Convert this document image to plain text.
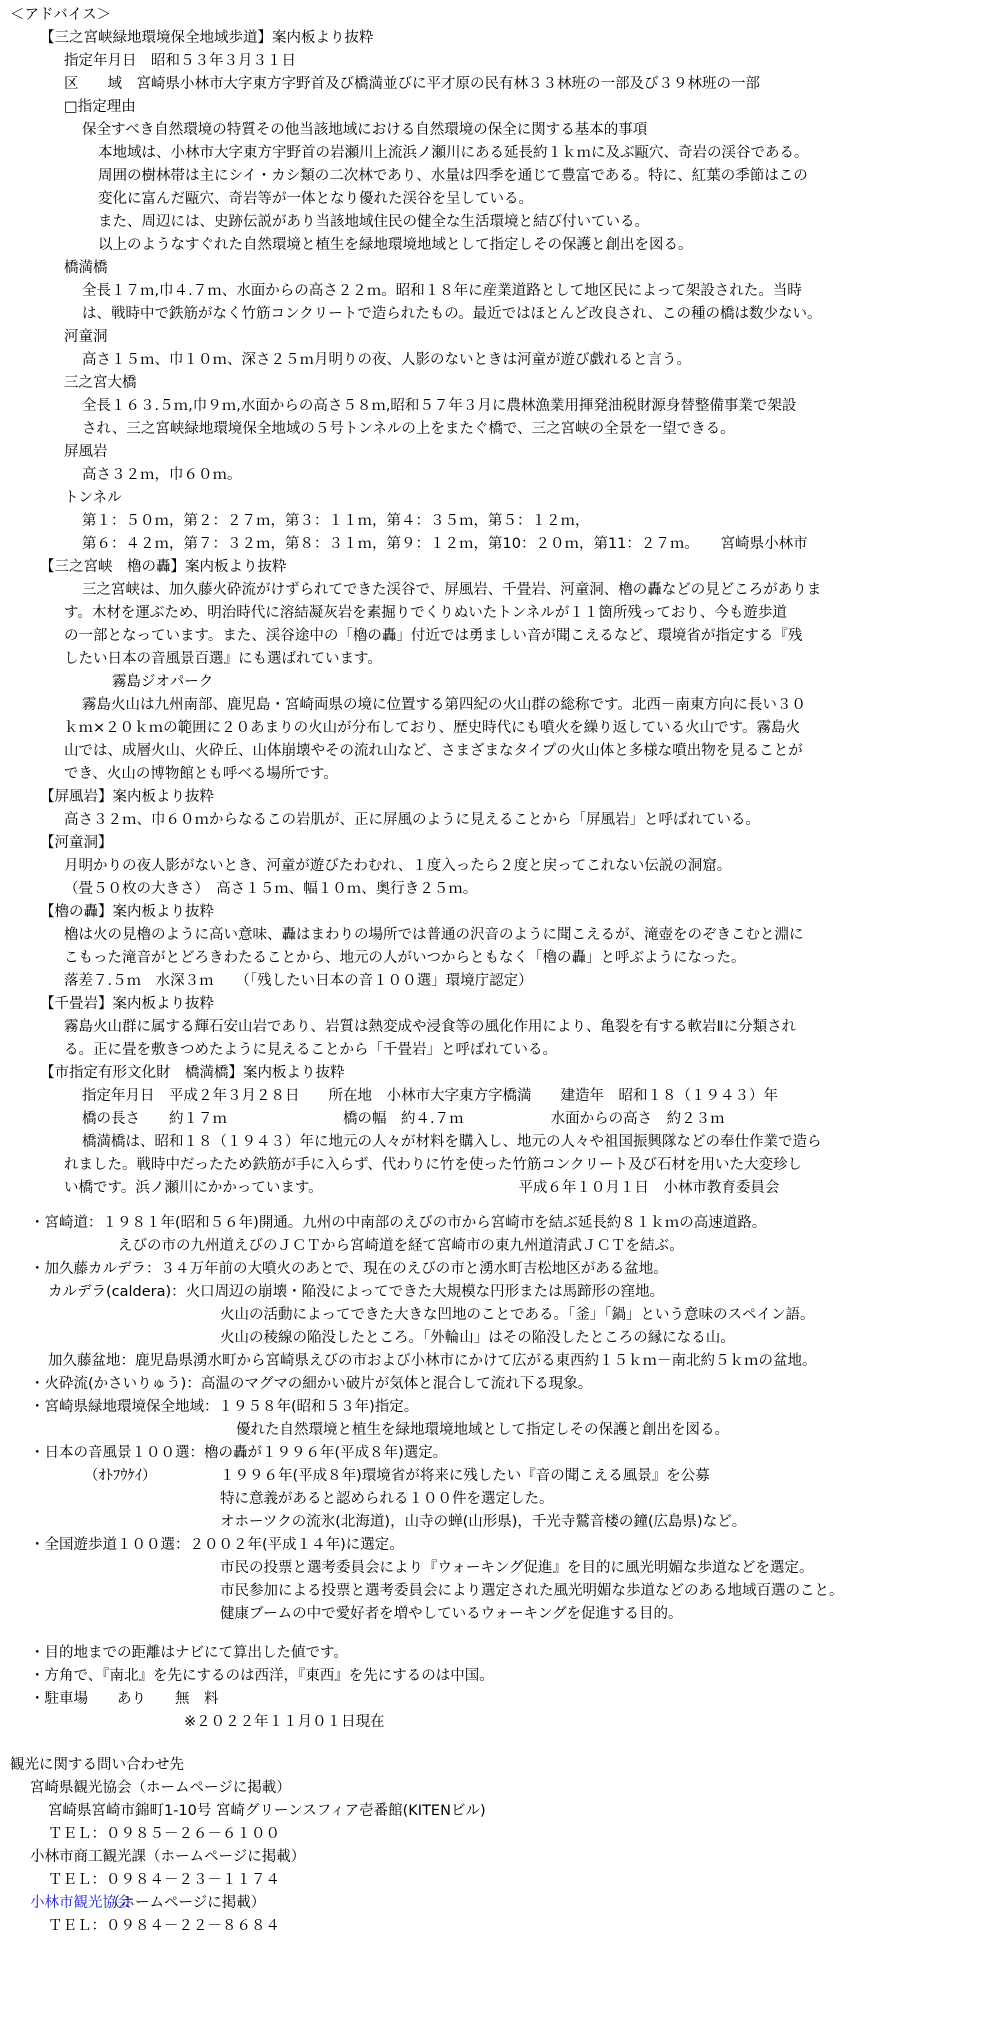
＜アドバイス＞
【三之宮峡緑地環境保全地域歩道】案内板より抜粋
指定年月日　昭和５３年３月３１日
区　　域　宮崎県小林市大字東方字野首及び橋満並びに平才原の民有林３３林班の一部及び３９林班の一部
□指定理由
保全すべき自然環境の特質その他当該地域における自然環境の保全に関する基本的事項
本地域は、小林市大字東方宇野首の岩瀬川上流浜ノ瀬川にある延長約１ｋｍに及ぶ甌穴、奇岩の渓谷である。
周囲の樹林帯は主にシイ・カシ類の二次林であり、水量は四季を通じて豊富である。特に、紅葉の季節はこの
変化に富んだ甌穴、奇岩等が一体となり優れた渓谷を呈している。
また、周辺には、史跡伝説があり当該地域住民の健全な生活環境と結び付いている。
以上のようなすぐれた自然環境と植生を緑地環境地域として指定しその保護と創出を図る。
橋満橋
全長１７ｍ,巾４.７ｍ、水面からの高さ２２ｍ。昭和１８年に産業道路として地区民によって架設された。当時
は、戦時中で鉄筋がなく竹筋コンクリートで造られたもの。最近ではほとんど改良され、この種の橋は数少ない。
河童洞
高さ１５ｍ、巾１０ｍ、深さ２５ｍ月明りの夜、人影のないときは河童が遊び戯れると言う。
三之宮大橋
全長１６３.５ｍ,巾９ｍ,水面からの高さ５８ｍ,昭和５７年３月に農林漁業用揮発油税財源身替整備事業で架設
され、三之宮峡緑地環境保全地域の５号トンネルの上をまたぐ橋で、三之宮峡の全景を一望できる。
屏風岩
高さ３２ｍ，巾６０ｍ。
トンネル
第１：５０ｍ，第２：２７ｍ，第３：１１ｍ，第４：３５ｍ，第５：１２ｍ，
第６：４２ｍ，第７：３２ｍ，第８：３１ｍ，第９：１２ｍ，第10：２０ｍ，第11：２７ｍ。　　宮崎県小林市
【三之宮峡　櫓の轟】案内板より抜粋
三之宮峡は、加久藤火砕流がけずられてできた渓谷で、屏風岩、千畳岩、河童洞、櫓の轟などの見どころがありま
す。木材を運ぶため、明治時代に溶結凝灰岩を素掘りでくりぬいたトンネルが１１箇所残っており、今も遊歩道
の一部となっています。また、渓谷途中の「櫓の轟」付近では勇ましい音が聞こえるなど、環境省が指定する『残
したい日本の音風景百選』にも選ばれています。
霧島ジオパーク
霧島火山は九州南部、鹿児島・宮崎両県の境に位置する第四紀の火山群の総称です。北西－南東方向に長い３０
ｋｍ×２０ｋｍの範囲に２０あまりの火山が分布しており、歴史時代にも噴火を繰り返している火山です。霧島火
山では、成層火山、火砕丘、山体崩壊やその流れ山など、さまざまなタイプの火山体と多様な噴出物を見ることが
でき、火山の博物館とも呼べる場所です。
【屏風岩】案内板より抜粋
高さ３２ｍ、巾６０ｍからなるこの岩肌が、正に屏風のように見えることから「屏風岩」と呼ばれている。
【河童洞】
月明かりの夜人影がないとき、河童が遊びたわむれ、１度入ったら２度と戻ってこれない伝説の洞窟。
（畳５０枚の大きさ）　高さ１５ｍ、幅１０ｍ、奥行き２５ｍ。
【櫓の轟】案内板より抜粋
櫓は火の見櫓のように高い意味、轟はまわりの場所では普通の沢音のように聞こえるが、滝壺をのぞきこむと淵に
こもった滝音がとどろきわたることから、地元の人がいつからともなく「櫓の轟」と呼ぶようになった。
落差７.５ｍ　水深３ｍ　　（「残したい日本の音１００選」環境庁認定）
【千畳岩】案内板より抜粋
霧島火山群に属する輝石安山岩であり、岩質は熱変成や浸食等の風化作用により、亀裂を有する軟岩Ⅱに分類され
る。正に畳を敷きつめたように見えることから「千畳岩」と呼ばれている。
【市指定有形文化財　橋満橋】案内板より抜粋
指定年月日　平成２年３月２８日　　所在地　小林市大字東方字橋満　　建造年　昭和１８（１９４３）年
橋の長さ　　約１７ｍ　　　　　　　　橋の幅　約４.７ｍ　　　　　　水面からの高さ　約２３ｍ
橋満橋は、昭和１８（１９４３）年に地元の人々が材料を購入し、地元の人々や祖国振興隊などの奉仕作業で造ら
れました。戦時中だったため鉄筋が手に入らず、代わりに竹を使った竹筋コンクリート及び石材を用いた大変珍し
い橋です。浜ノ瀬川にかかっています。　　　　　　　　　　　　　　平成６年１０月１日　小林市教育委員会
・宮崎道：１９８１年(昭和５６年)開通。九州の中南部のえびの市から宮崎市を結ぶ延長約８１ｋｍの高速道路。
えびの市の九州道えびのＪＣＴから宮崎道を経て宮崎市の東九州道清武ＪＣＴを結ぶ。
・加久藤カルデラ：３４万年前の大噴火のあとで、現在のえびの市と湧水町吉松地区がある盆地。
カルデラ(caldera)：火口周辺の崩壊・陥没によってできた大規模な円形または馬蹄形の窪地。
火山の活動によってできた大きな凹地のことである。「釜」「鍋」という意味のスペイン語。
火山の稜線の陥没したところ。「外輪山」はその陥没したところの縁になる山。
加久藤盆地：鹿児島県湧水町から宮崎県えびの市および小林市にかけて広がる東西約１５ｋｍ－南北約５ｋｍの盆地。
・火砕流(かさいりゅう)：高温のマグマの細かい破片が気体と混合して流れ下る現象。
・宮崎県緑地環境保全地域：１９５８年(昭和５３年)指定。
優れた自然環境と植生を緑地環境地域として指定しその保護と創出を図る。
・日本の音風景１００選：櫓の轟が１９９６年(平成８年)選定。
（ｵﾄﾌｳｹｲ）	１９９６年(平成８年)環境省が将来に残したい『音の聞こえる風景』を公募
特に意義があると認められる１００件を選定した。
オホーツクの流氷(北海道)，山寺の蝉(山形県)，千光寺鷲音楼の鐘(広島県)など。
・全国遊歩道１００選：２００２年(平成１４年)に選定。
市民の投票と選考委員会により『ウォーキング促進』を目的に風光明媚な歩道などを選定。
市民参加による投票と選考委員会により選定された風光明媚な歩道などのある地域百選のこと。
健康ブームの中で愛好者を増やしているウォーキングを促進する目的。
・目的地までの距離はナビにて算出した値です。
・方角で、『南北』を先にするのは西洋，『東西』を先にするのは中国。
・駐車場　　あり　　無　料
※２０２２年１１月０１日現在
観光に関する問い合わせ先
宮崎県観光協会（ホームページに掲載）
宮崎県宮崎市錦町1-10号 宮崎グリーンスフィア壱番館(KITENビル)
ＴＥＬ：０９８５－２６－６１００
小林市商工観光課（ホームページに掲載）
ＴＥＬ：０９８４－２３－１１７４
（ホームページに掲載）
ＴＥＬ：０９８４－２２－８６８４
小林市観光協会
